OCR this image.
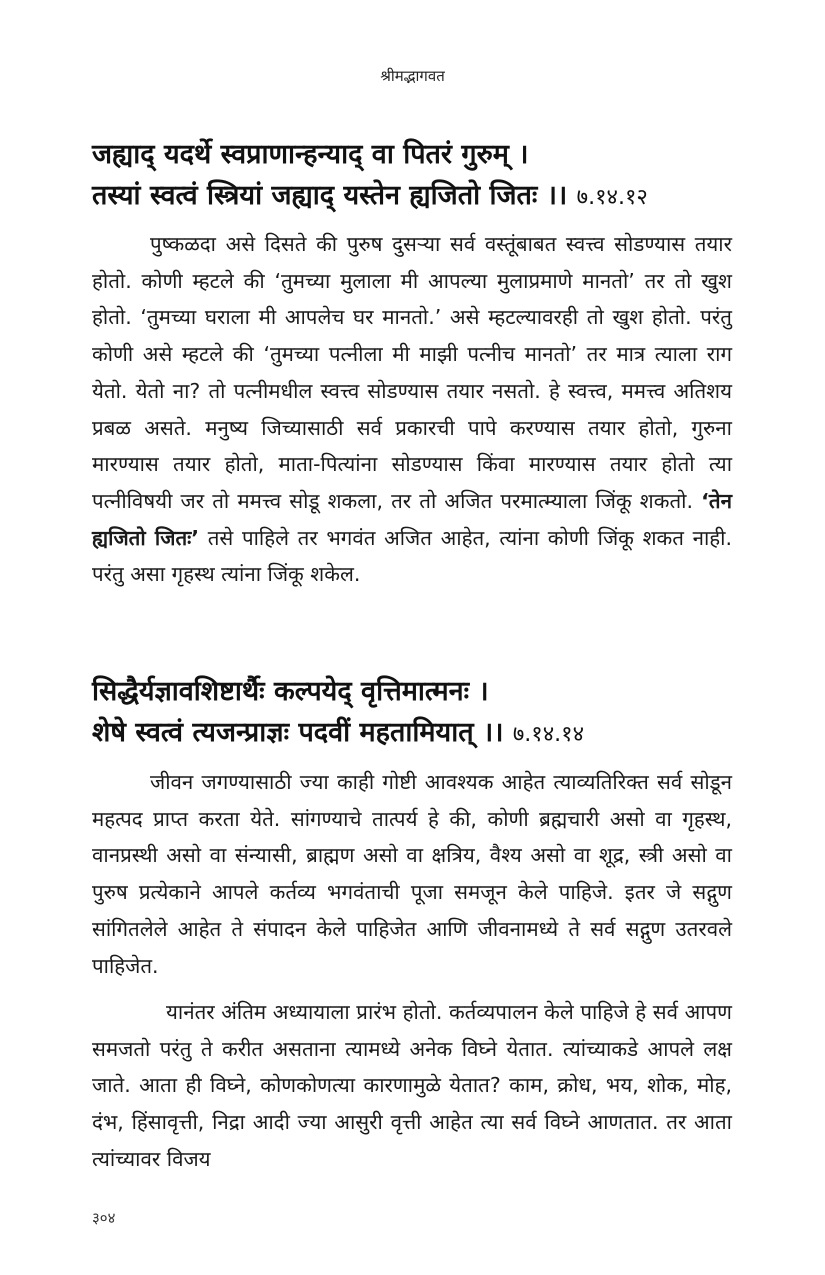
श्रीमद्भागवत
जह्याद् यदर्थे स्वप्राणान्हन्याद् वा पितरं गुरुम् ।
तस्यां स्वत्वं स्त्रियां जह्याद् यस्तेन ह्यजितो जितः ।। ७.१४.१२
पुष्कळदा असे दिसते की पुरुष दुसऱ्या सर्व वस्तूंबाबत स्वत्त्व सोडण्यास तयार होतो. कोणी म्हटले की ‘तुमच्या मुलाला मी आपल्या मुलाप्रमाणे मानतो’ तर तो खुश होतो. ‘तुमच्या घराला मी आपलेच घर मानतो.’ असे म्हटल्यावरही तो खुश होतो. परंतु कोणी असे म्हटले की ‘तुमच्या पत्नीला मी माझी पत्नीच मानतो’ तर मात्र त्याला राग येतो. येतो ना? तो पत्नीमधील स्वत्त्व सोडण्यास तयार नसतो. हे स्वत्त्व, ममत्त्व अतिशय प्रबळ असते. मनुष्य जिच्यासाठी सर्व प्रकारची पापे करण्यास तयार होतो, गुरुना मारण्यास तयार होतो, माता-पित्यांना सोडण्यास किंवा मारण्यास तयार होतो त्या पत्नीविषयी जर तो ममत्त्व सोडू शकला, तर तो अजित परमात्म्याला जिंकू शकतो. ‘तेन ह्यजितो जितः’ तसे पाहिले तर भगवंत अजित आहेत, त्यांना कोणी जिंकू शकत नाही. परंतु असा गृहस्थ त्यांना जिंकू शकेल.
सिद्धैर्यज्ञावशिष्टार्थैः कल्पयेद् वृत्तिमात्मनः ।
शेषे स्वत्वं त्यजन्प्राज्ञः पदवीं महतामियात् ।। ७.१४.१४
जीवन जगण्यासाठी ज्या काही गोष्टी आवश्यक आहेत त्याव्यतिरिक्त सर्व सोडून महत्पद प्राप्त करता येते. सांगण्याचे तात्पर्य हे की, कोणी ब्रह्मचारी असो वा गृहस्थ, वानप्रस्थी असो वा संन्यासी, ब्राह्मण असो वा क्षत्रिय, वैश्य असो वा शूद्र, स्त्री असो वा पुरुष प्रत्येकाने आपले कर्तव्य भगवंताची पूजा समजून केले पाहिजे. इतर जे सद्गुण सांगितलेले आहेत ते संपादन केले पाहिजेत आणि जीवनामध्ये ते सर्व सद्गुण उतरवले पाहिजेत.
यानंतर अंतिम अध्यायाला प्रारंभ होतो. कर्तव्यपालन केले पाहिजे हे सर्व आपण समजतो परंतु ते करीत असताना त्यामध्ये अनेक विघ्ने येतात. त्यांच्याकडे आपले लक्ष जाते. आता ही विघ्ने, कोणकोणत्या कारणामुळे येतात? काम, क्रोध, भय, शोक, मोह, दंभ, हिंसावृत्ती, निद्रा आदी ज्या आसुरी वृत्ती आहेत त्या सर्व विघ्ने आणतात. तर आता त्यांच्यावर विजय
३०४
